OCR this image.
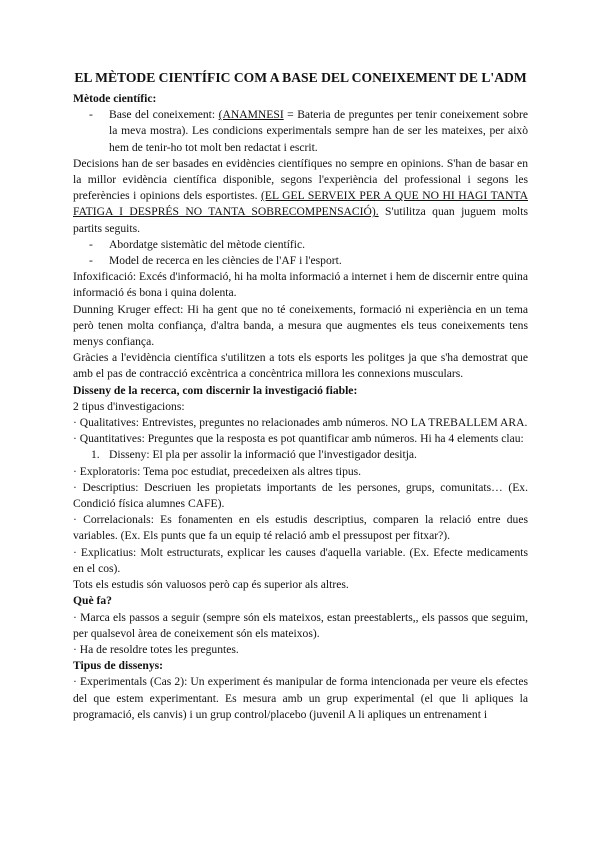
EL MÈTODE CIENTÍFIC COM A BASE DEL CONEIXEMENT DE L'ADM
Mètode científic:
- Base del coneixement: (ANAMNESI = Bateria de preguntes per tenir coneixement sobre la meva mostra). Les condicions experimentals sempre han de ser les mateixes, per això hem de tenir-ho tot molt ben redactat i escrit.

Decisions han de ser basades en evidències científiques no sempre en opinions. S'han de basar en la millor evidència científica disponible, segons l'experiència del professional i segons les preferències i opinions dels esportistes. (EL GEL SERVEIX PER A QUE NO HI HAGI TANTA FATIGA I DESPRÉS NO TANTA SOBRECOMPENSACIÓ). S'utilitza quan juguem molts partits seguits.

- Abordatge sistemàtic del mètode científic.
- Model de recerca en les ciències de l'AF i l'esport.

Infoxificació: Excés d'informació, hi ha molta informació a internet i hem de discernir entre quina informació és bona i quina dolenta.

Dunning Kruger effect: Hi ha gent que no té coneixements, formació ni experiència en un tema però tenen molta confiança, d'altra banda, a mesura que augmentes els teus coneixements tens menys confiança.

Gràcies a l'evidència científica s'utilitzen a tots els esports les politges ja que s'ha demostrat que amb el pas de contracció excèntrica a concèntrica millora les connexions musculars.

Disseny de la recerca, com discernir la investigació fiable:

2 tipus d'investigacions:

· Qualitatives: Entrevistes, preguntes no relacionades amb números. NO LA TREBALLEM ARA.

· Quantitatives: Preguntes que la resposta es pot quantificar amb números. Hi ha 4 elements clau:

1. Disseny: El pla per assolir la informació que l'investigador desitja.

· Exploratoris: Tema poc estudiat, precedeixen als altres tipus.

· Descriptius: Descriuen les propietats importants de les persones, grups, comunitats… (Ex. Condició física alumnes CAFE).

· Correlacionals: Es fonamenten en els estudis descriptius, comparen la relació entre dues variables. (Ex. Els punts que fa un equip té relació amb el pressupost per fitxar?).

· Explicatius: Molt estructurats, explicar les causes d'aquella variable. (Ex. Efecte medicaments en el cos).

Tots els estudis són valuosos però cap és superior als altres.

Què fa?

· Marca els passos a seguir (sempre són els mateixos, estan preestablerts,, els passos que seguim, per qualsevol àrea de coneixement són els mateixos).

· Ha de resoldre totes les preguntes.

Tipus de dissenys:

· Experimentals (Cas 2): Un experiment és manipular de forma intencionada per veure els efectes del que estem experimentant. Es mesura amb un grup experimental (el que li apliques la programació, els canvis) i un grup control/placebo (juvenil A li apliques un entrenament i
